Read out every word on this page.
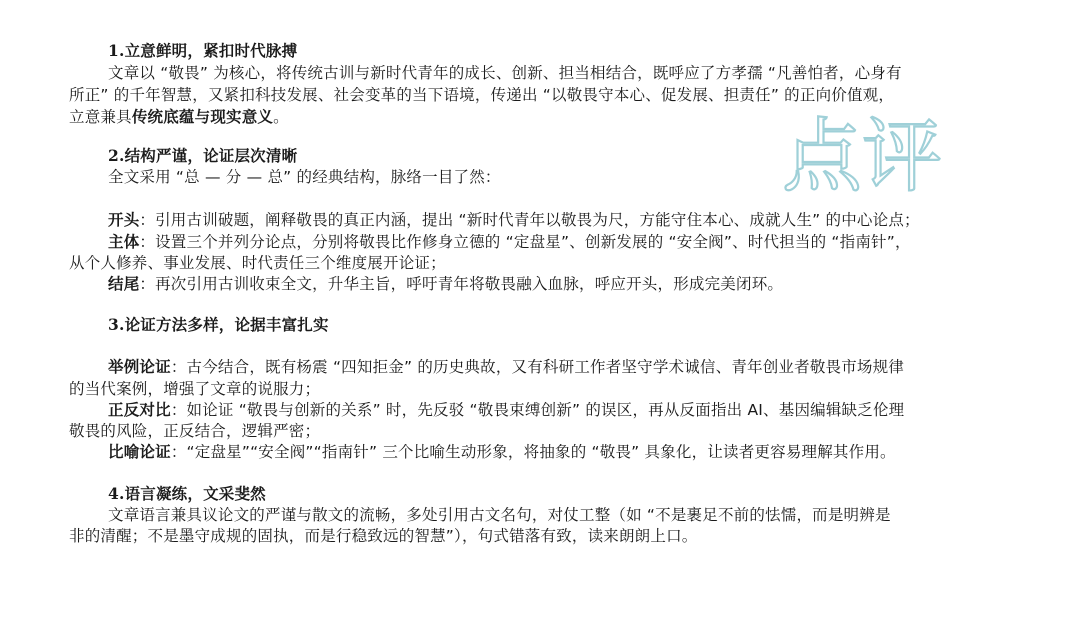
点评
1.立意鲜明，紧扣时代脉搏
文章以 “敬畏” 为核心，将传统古训与新时代青年的成长、创新、担当相结合，既呼应了方孝孺 “凡善怕者，心身有
所正” 的千年智慧，又紧扣科技发展、社会变革的当下语境，传递出 “以敬畏守本心、促发展、担责任” 的正向价值观，
立意兼具传统底蕴与现实意义。
2.结构严谨，论证层次清晰
全文采用 “总 — 分 — 总” 的经典结构，脉络一目了然：
开头：引用古训破题，阐释敬畏的真正内涵，提出 “新时代青年以敬畏为尺，方能守住本心、成就人生” 的中心论点；
主体：设置三个并列分论点，分别将敬畏比作修身立德的 “定盘星”、创新发展的 “安全阀”、时代担当的 “指南针”，
从个人修养、事业发展、时代责任三个维度展开论证；
结尾：再次引用古训收束全文，升华主旨，呼吁青年将敬畏融入血脉，呼应开头，形成完美闭环。
3.论证方法多样，论据丰富扎实
举例论证：古今结合，既有杨震 “四知拒金” 的历史典故，又有科研工作者坚守学术诚信、青年创业者敬畏市场规律
的当代案例，增强了文章的说服力；
正反对比：如论证 “敬畏与创新的关系” 时，先反驳 “敬畏束缚创新” 的误区，再从反面指出 AI、基因编辑缺乏伦理
敬畏的风险，正反结合，逻辑严密；
比喻论证：“定盘星”“安全阀”“指南针” 三个比喻生动形象，将抽象的 “敬畏” 具象化，让读者更容易理解其作用。
4.语言凝练，文采斐然
文章语言兼具议论文的严谨与散文的流畅，多处引用古文名句，对仗工整（如 “不是裹足不前的怯懦，而是明辨是
非的清醒；不是墨守成规的固执，而是行稳致远的智慧”），句式错落有致，读来朗朗上口。
